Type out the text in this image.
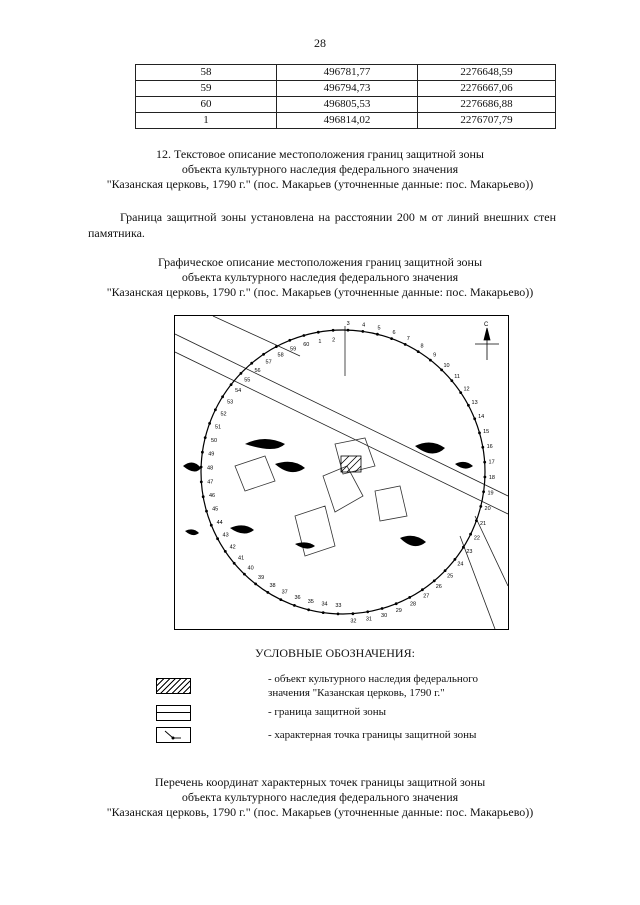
28
58	496781,77	2276648,59
59	496794,73	2276667,06
60	496805,53	2276686,88
1	496814,02	2276707,79
12. Текстовое описание местоположения границ защитной зоны
объекта культурного наследия федерального значения
"Казанская церковь, 1790 г." (пос. Макарьев (уточненные данные: пос. Макарьево))
Граница защитной зоны установлена на расстоянии 200 м от линий внешних стен памятника.
Графическое описание местоположения границ защитной зоны
объекта культурного наследия федерального значения
"Казанская церковь, 1790 г." (пос. Макарьев (уточненные данные: пос. Макарьево))
С
1 2
3 4 5
6
7
8
9
10
11
12
13
14
15
16
17
18
19
20
21
22
23
24
25
26
27
28
29
30
31
32
33
34
35
36
37
38
39
40
41
42
43
44
45
46
47
48
49
50
51
52
53
54
55
56
57
58
59
60
УСЛОВНЫЕ ОБОЗНАЧЕНИЯ:
- объект культурного наследия федерального
значения "Казанская церковь, 1790 г."
- граница защитной зоны
- характерная точка границы защитной зоны
Перечень координат характерных точек границы защитной зоны
объекта культурного наследия федерального значения
"Казанская церковь, 1790 г." (пос. Макарьев (уточненные данные: пос. Макарьево))
